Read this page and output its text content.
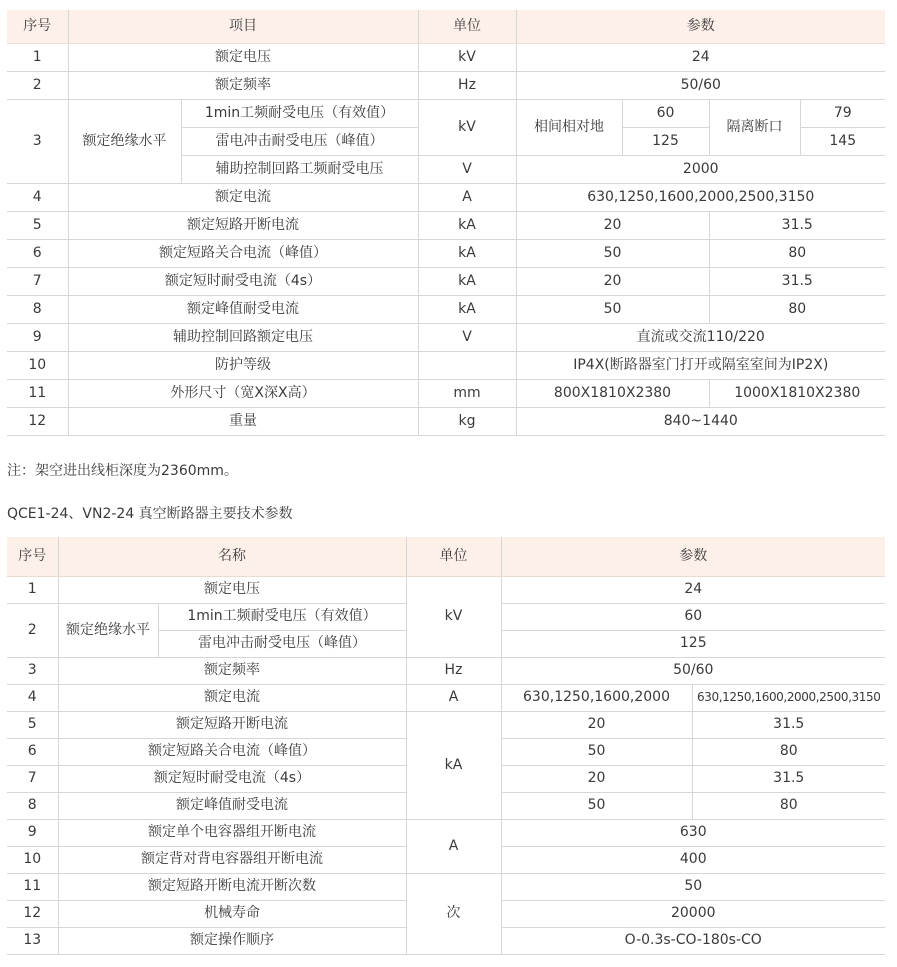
序号	项目		单位	参数			
1	额定电压		kV	24			
2	额定频率		Hz	50/60			
3	额定绝缘水平	1min工频耐受电压（有效值）	kV	相间相对地	60	隔离断口	79
		雷电冲击耐受电压（峰值）			125		145
		辅助控制回路工频耐受电压	V	2000			
4	额定电流		A	630,1250,1600,2000,2500,3150			
5	额定短路开断电流		kA	20		31.5	
6	额定短路关合电流（峰值）		kA	50		80	
7	额定短时耐受电流（4s）		kA	20		31.5	
8	额定峰值耐受电流		kA	50		80	
9	辅助控制回路额定电压		V	直流或交流110/220			
10	防护等级			IP4X(断路器室门打开或隔室室间为IP2X)			
11	外形尺寸（宽X深X高）		mm	800X1810X2380		1000X1810X2380	
12	重量		kg	840~1440			
注：架空进出线柜深度为2360mm。
QCE1-24、VN2-24 真空断路器主要技术参数
序号	名称		单位	参数	
1	额定电压		kV	24	
2	额定绝缘水平	1min工频耐受电压（有效值）		60	
		雷电冲击耐受电压（峰值）		125	
3	额定频率		Hz	50/60	
4	额定电流		A	630,1250,1600,2000	630,1250,1600,2000,2500,3150
5	额定短路开断电流		kA	20	31.5
6	额定短路关合电流（峰值）			50	80
7	额定短时耐受电流（4s）			20	31.5
8	额定峰值耐受电流			50	80
9	额定单个电容器组开断电流		A	630	
10	额定背对背电容器组开断电流			400	
11	额定短路开断电流开断次数		次	50	
12	机械寿命			20000	
13	额定操作顺序			O-0.3s-CO-180s-CO	
